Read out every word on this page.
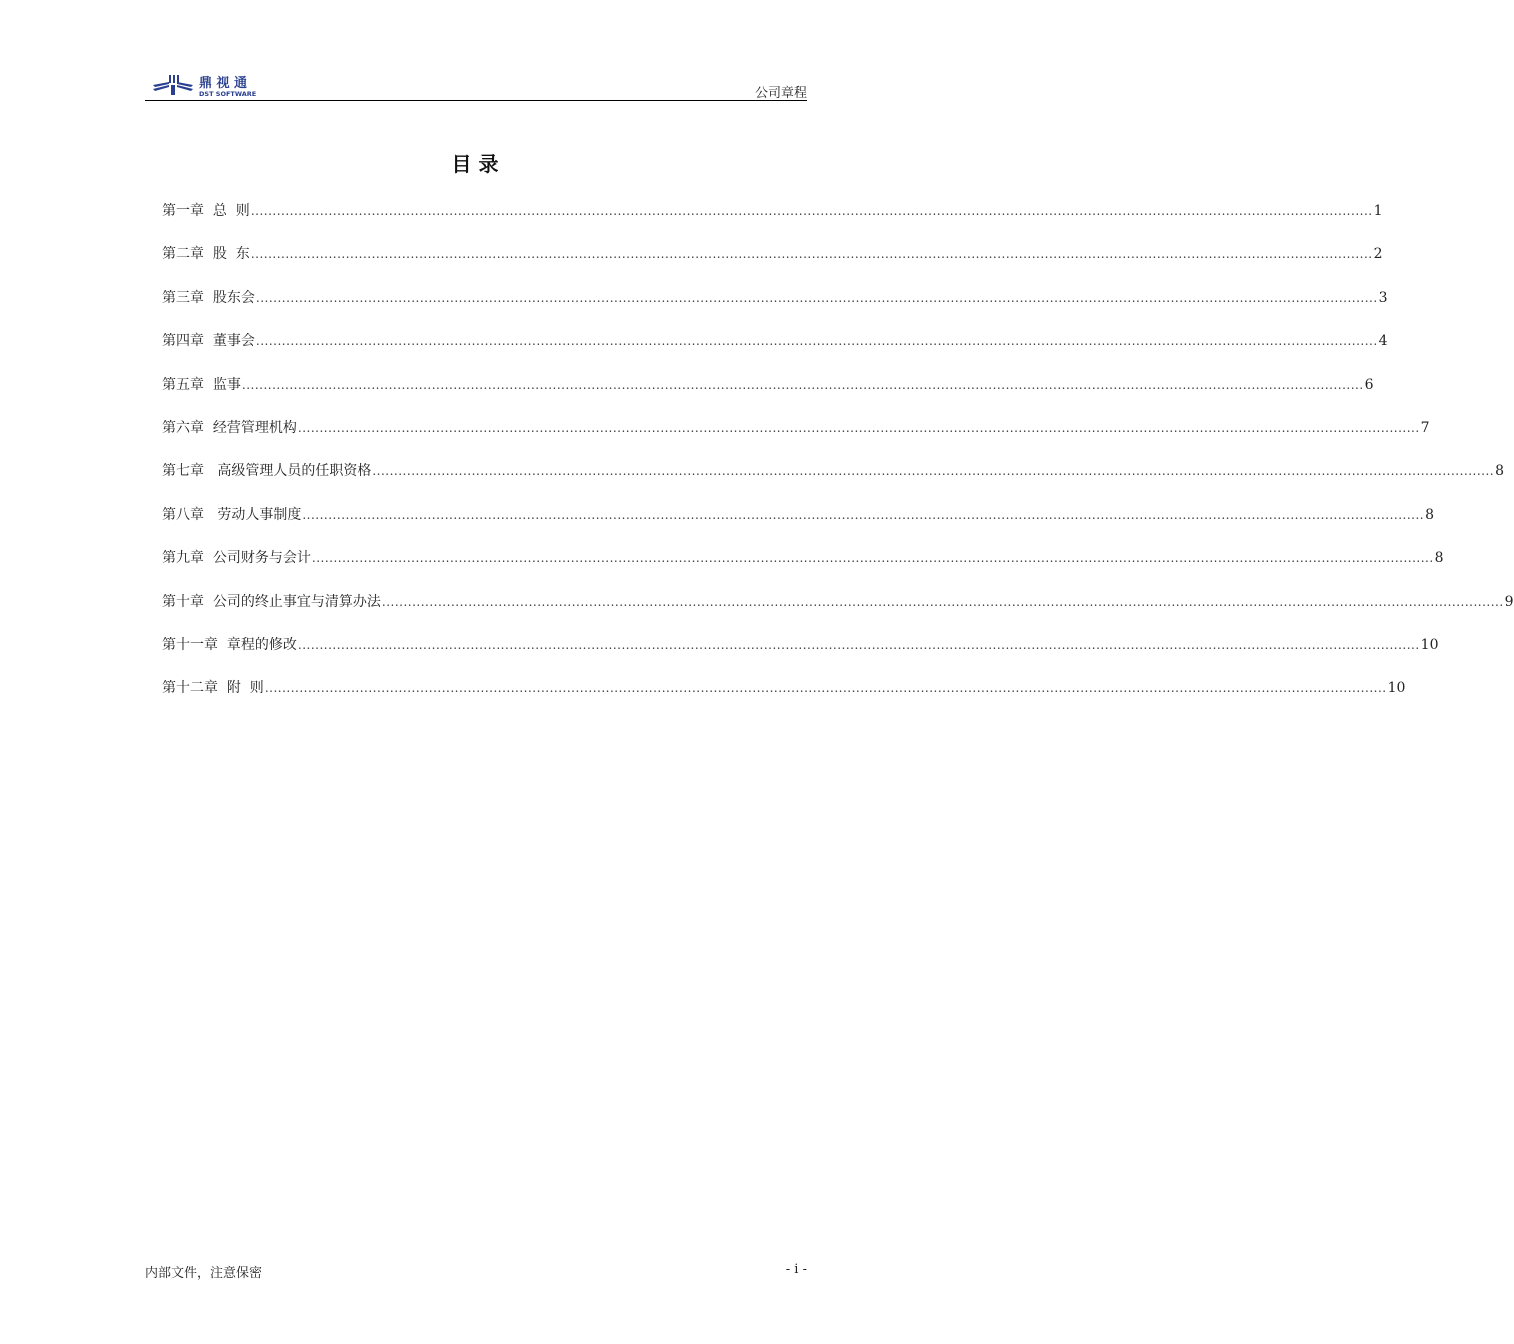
鼎 视 通
DST SOFTWARE	公司章程
目 录
第一章
总  则 .................................................................................................................................................................................................................................................................... 1
第二章
股  东 .................................................................................................................................................................................................................................................................... 2
第三章
股东会 .................................................................................................................................................................................................................................................................... 3
第四章
董事会 .................................................................................................................................................................................................................................................................... 4
第五章
监事 .................................................................................................................................................................................................................................................................... 6
第六章
经营管理机构 .................................................................................................................................................................................................................................................................... 7
第七章
高级管理人员的任职资格 .................................................................................................................................................................................................................................................................... 8
第八章
劳动人事制度 .................................................................................................................................................................................................................................................................... 8
第九章
公司财务与会计 .................................................................................................................................................................................................................................................................... 8
第十章
公司的终止事宜与清算办法 .................................................................................................................................................................................................................................................................... 9
第十一章
章程的修改 .................................................................................................................................................................................................................................................................... 10
第十二章
附  则 .................................................................................................................................................................................................................................................................... 10
内部文件，注意保密	- i -
